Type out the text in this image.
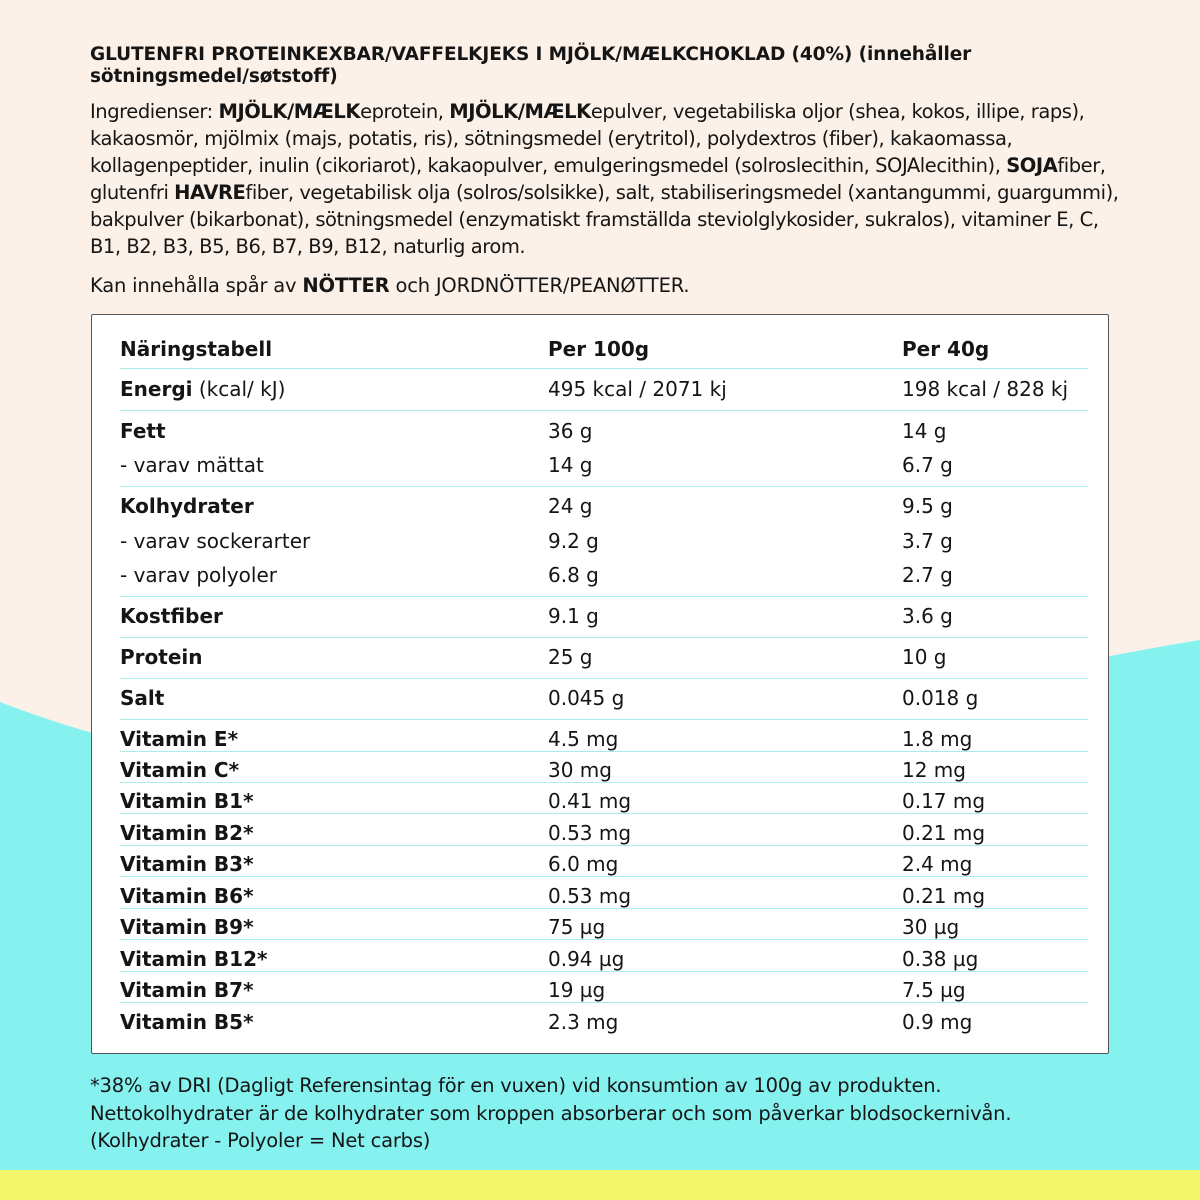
GLUTENFRI PROTEINKEXBAR/VAFFELKJEKS I MJÖLK/MÆLKCHOKLAD (40%) (innehåller sötningsmedel/søtstoff)
Ingredienser: MJÖLK/MÆLKeprotein, MJÖLK/MÆLKepulver, vegetabiliska oljor (shea, kokos, illipe, raps), kakaosmör, mjölmix (majs, potatis, ris), sötningsmedel (erytritol), polydextros (fiber), kakaomassa, kollagenpeptider, inulin (cikoriarot), kakaopulver, emulgeringsmedel (solroslecithin, SOJAlecithin), SOJAfiber, glutenfri HAVREfiber, vegetabilisk olja (solros/solsikke), salt, stabiliseringsmedel (xantangummi, guargummi), bakpulver (bikarbonat), sötningsmedel (enzymatiskt framställda steviolglykosider, sukralos), vitaminer E, C, B1, B2, B3, B5, B6, B7, B9, B12, naturlig arom.
Kan innehålla spår av NÖTTER och JORDNÖTTER/PEANØTTER.
Näringstabell	Per 100g	Per 40g
Energi (kcal/ kJ)	495 kcal / 2071 kj	198 kcal / 828 kj
Fett	36 g	14 g
- varav mättat	14 g	6.7 g
Kolhydrater	24 g	9.5 g
- varav sockerarter	9.2 g	3.7 g
- varav polyoler	6.8 g	2.7 g
Kostfiber	9.1 g	3.6 g
Protein	25 g	10 g
Salt	0.045 g	0.018 g
Vitamin E*	4.5 mg	1.8 mg
Vitamin C*	30 mg	12 mg
Vitamin B1*	0.41 mg	0.17 mg
Vitamin B2*	0.53 mg	0.21 mg
Vitamin B3*	6.0 mg	2.4 mg
Vitamin B6*	0.53 mg	0.21 mg
Vitamin B9*	75 µg	30 µg
Vitamin B12*	0.94 µg	0.38 µg
Vitamin B7*	19 µg	7.5 µg
Vitamin B5*	2.3 mg	0.9 mg
*38% av DRI (Dagligt Referensintag för en vuxen) vid konsumtion av 100g av produkten.
Nettokolhydrater är de kolhydrater som kroppen absorberar och som påverkar blodsockernivån.
(Kolhydrater - Polyoler = Net carbs)
